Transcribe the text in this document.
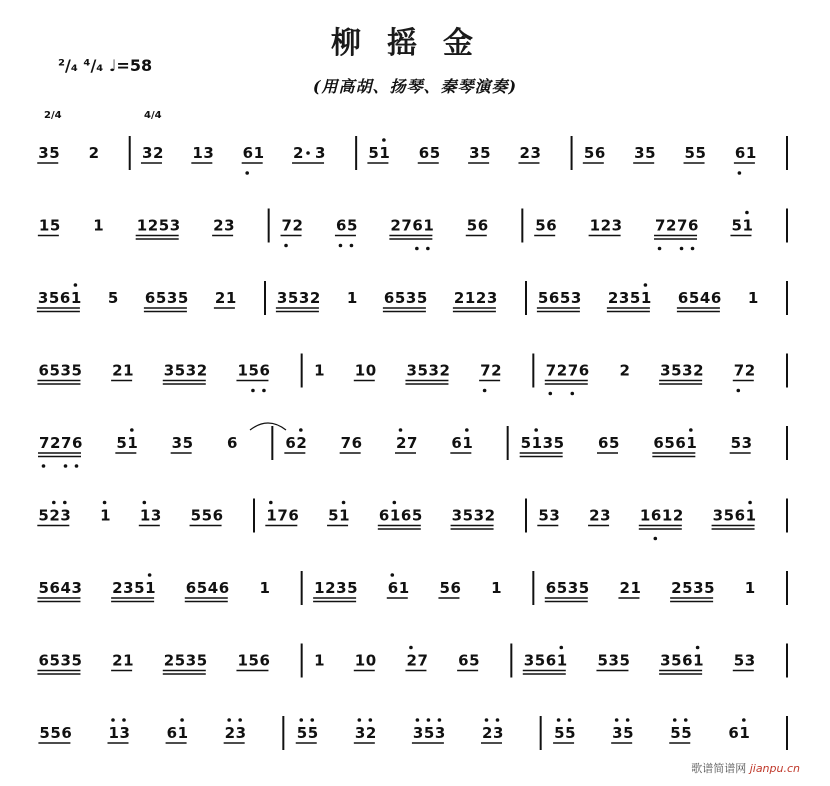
柳摇金
(用高胡、扬琴、秦琴演奏)
²/₄ ⁴/₄ ♩=58
2/4	4/4
3 5 2	3 2 1 3 6 1 2 3	5 1 6 5 3 5 2 3	5 6 3 5 5 5 6 1
1 5 1 1 2 5 3 2 3	7 2 6 5 2 7 6 1 5 6	5 6 1 2 3 7 2 7 6 5 1
3 5 6 1 5 6 5 3 5 2 1	3 5 3 2 1 6 5 3 5 2 1 2 3	5 6 5 3 2 3 5 1 6 5 4 6 1
6 5 3 5 2 1 3 5 3 2 1 5 6	1 1 0 3 5 3 2 7 2	7 2 7 6 2 3 5 3 2 7 2
7 2 7 6 5 1 3 5 6	6 2 7 6 2 7 6 1	5 1 3 5 6 5 6 5 6 1 5 3
5 2 3 1 1 3 5 5 6	1 7 6 5 1 6 1 6 5 3 5 3 2	5 3 2 3 1 6 1 2 3 5 6 1
5 6 4 3 2 3 5 1 6 5 4 6 1	1 2 3 5 6 1 5 6 1	6 5 3 5 2 1 2 5 3 5 1
6 5 3 5 2 1 2 5 3 5 1 5 6	1 1 0 2 7 6 5	3 5 6 1 5 3 5 3 5 6 1 5 3
5 5 6 1 3 6 1 2 3	5 5 3 2 3 5 3 2 3	5 5 3 5 5 5 6 1
歌谱简谱网 jianpu.cn
